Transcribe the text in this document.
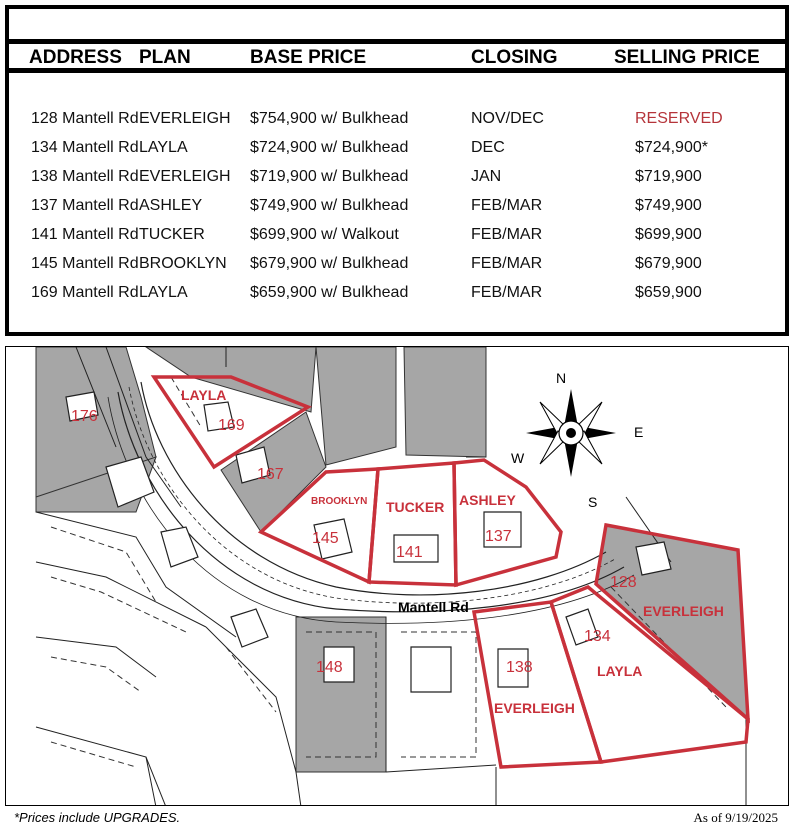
ADDRESS PLAN	BASE PRICE	CLOSING	SELLING PRICE
128 Mantell Rd EVERLEIGH $754,900 w/ Bulkhead	NOV/DEC	RESERVED
134 Mantell Rd LAYLA	$724,900 w/ Bulkhead	DEC	$724,900*
138 Mantell Rd EVERLEIGH $719,900 w/ Bulkhead	JAN	$719,900
137 Mantell Rd ASHLEY	$749,900 w/ Bulkhead	FEB/MAR	$749,900
141 Mantell Rd TUCKER	$699,900 w/ Walkout	FEB/MAR	$699,900
145 Mantell Rd BROOKLYN $679,900 w/ Bulkhead	FEB/MAR	$679,900
169 Mantell Rd LAYLA	$659,900 w/ Bulkhead	FEB/MAR	$659,900
N
E
W
S
Mantell Rd
176
LAYLA
169
167
BROOKLYN
145
TUCKER
141
ASHLEY
137
128
EVERLEIGH
148	138
EVERLEIGH
134
LAYLA
*Prices include UPGRADES.	As of 9/19/2025
